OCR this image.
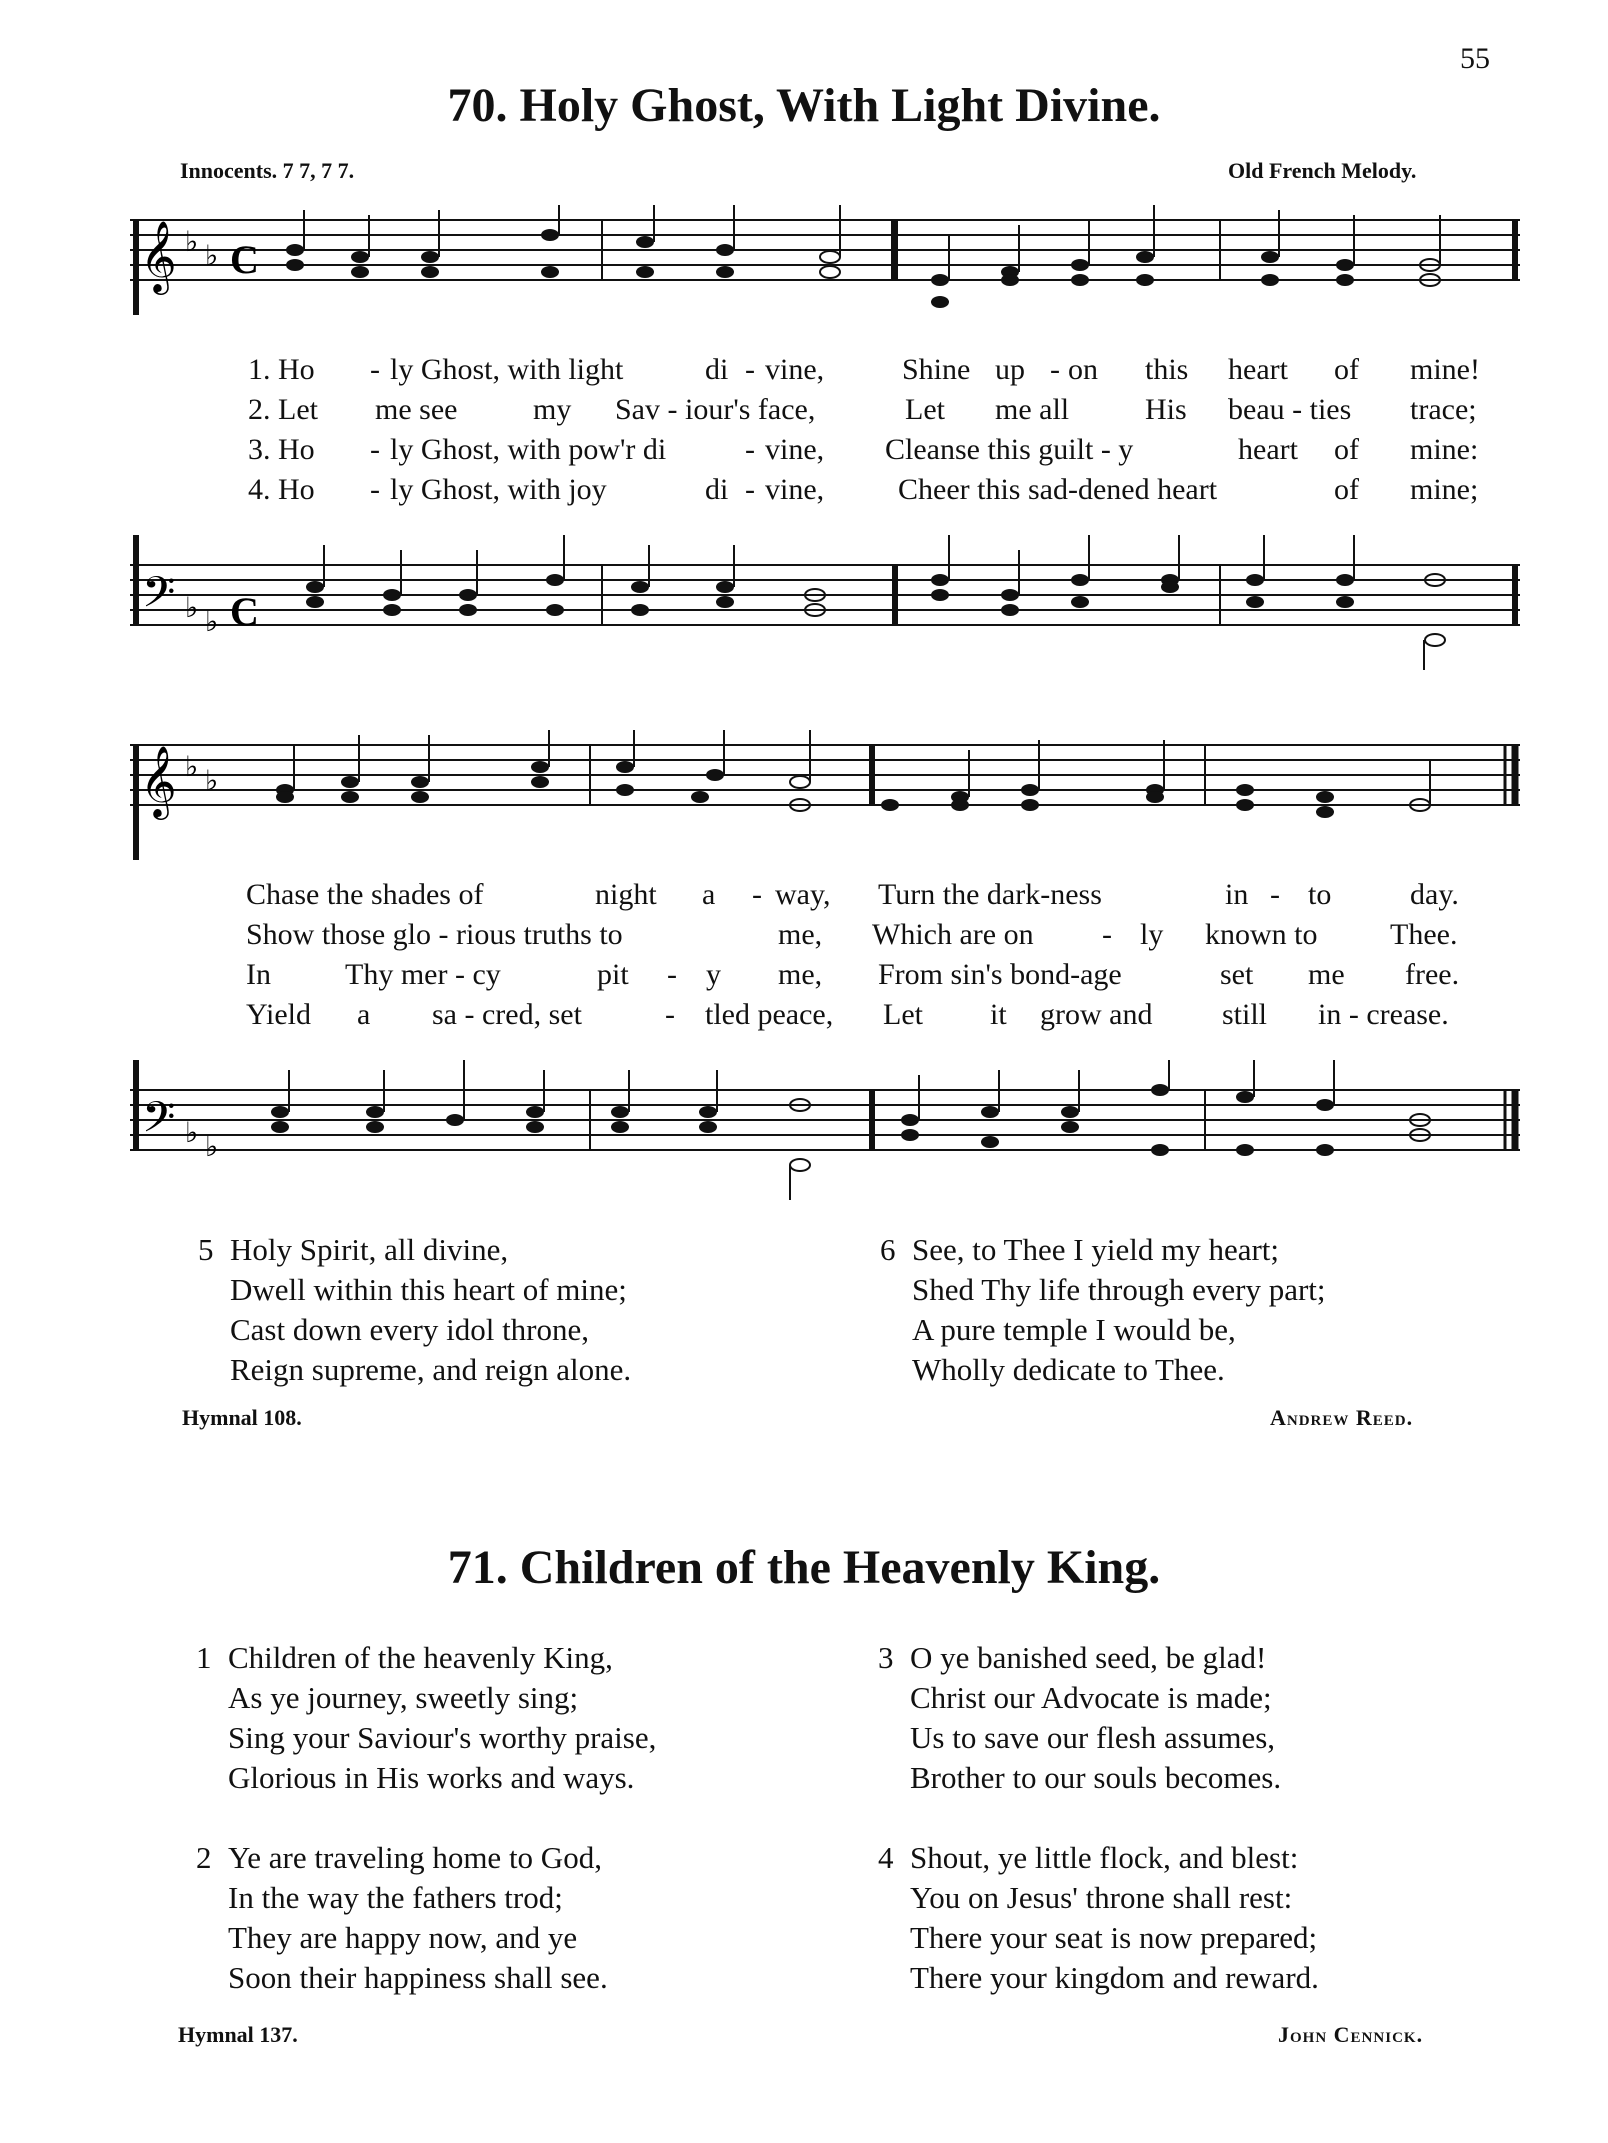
55
70. Holy Ghost, With Light Divine.
Innocents. 7 7, 7 7.	Old French Melody.
𝄞 ♭ ♭ C
1. Ho - ly Ghost, with light	di - vine,	Shine up - on this heart of mine!
2. Let me see	my Sav - iour's face,	Let me all	His beau - ties trace;
3. Ho - ly Ghost, with pow'r di	- vine, Cleanse this guilt - y	heart of mine:
4. Ho - ly Ghost, with joy	di - vine, Cheer this sad-dened heart	of mine;
𝄢 ♭ ♭ C
𝄞 ♭ ♭
Chase the shades of	night a - way, Turn the dark-ness	in - to	day.
Show those glo - rious truths to	me, Which are on - ly known to Thee.
In Thy mer - cy	pit - y me, From sin's bond-age	set me free.
Yield a sa - cred, set	- tled peace, Let it grow and still in - crease.
𝄢 ♭ ♭
5 Holy Spirit, all divine,
Dwell within this heart of mine;
Cast down every idol throne,
Reign supreme, and reign alone.
6 See, to Thee I yield my heart;
Shed Thy life through every part;
A pure temple I would be,
Wholly dedicate to Thee.
Hymnal 108.	Andrew Reed.
71. Children of the Heavenly King.
1 Children of the heavenly King,
As ye journey, sweetly sing;
Sing your Saviour's worthy praise,
Glorious in His works and ways.
3 O ye banished seed, be glad!
Christ our Advocate is made;
Us to save our flesh assumes,
Brother to our souls becomes.
2 Ye are traveling home to God,
In the way the fathers trod;
They are happy now, and ye
Soon their happiness shall see.
4 Shout, ye little flock, and blest:
You on Jesus' throne shall rest:
There your seat is now prepared;
There your kingdom and reward.
Hymnal 137.	John Cennick.
